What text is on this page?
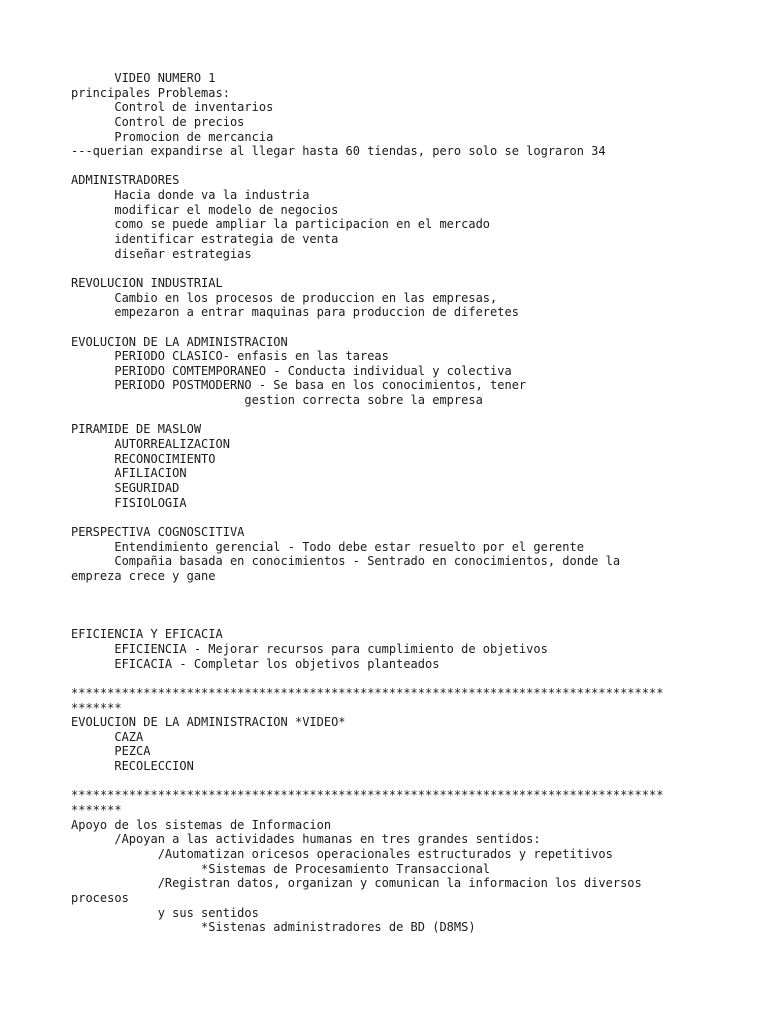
VIDEO NUMERO 1
principales Problemas:
Control de inventarios
Control de precios
Promocion de mercancia
---querian expandirse al llegar hasta 60 tiendas, pero solo se lograron 34
ADMINISTRADORES
Hacia donde va la industria
modificar el modelo de negocios
como se puede ampliar la participacion en el mercado
identificar estrategia de venta
diseñar estrategias
REVOLUCION INDUSTRIAL
Cambio en los procesos de produccion en las empresas,
empezaron a entrar maquinas para produccion de diferetes
EVOLUCION DE LA ADMINISTRACION
PERIODO CLASICO- enfasis en las tareas
PERIODO COMTEMPORANEO - Conducta individual y colectiva
PERIODO POSTMODERNO - Se basa en los conocimientos, tener
gestion correcta sobre la empresa
PIRAMIDE DE MASLOW
AUTORREALIZACION
RECONOCIMIENTO
AFILIACION
SEGURIDAD
FISIOLOGIA
PERSPECTIVA COGNOSCITIVA
Entendimiento gerencial - Todo debe estar resuelto por el gerente
Compañia basada en conocimientos - Sentrado en conocimientos, donde la
empreza crece y gane
EFICIENCIA Y EFICACIA
EFICIENCIA - Mejorar recursos para cumplimiento de objetivos
EFICACIA - Completar los objetivos planteados
**********************************************************************************
*******
EVOLUCION DE LA ADMINISTRACION *VIDEO*
CAZA
PEZCA
RECOLECCION
**********************************************************************************
*******
Apoyo de los sistemas de Informacion
/Apoyan a las actividades humanas en tres grandes sentidos:
/Automatizan oricesos operacionales estructurados y repetitivos
*Sistemas de Procesamiento Transaccional
/Registran datos, organizan y comunican la informacion los diversos
procesos
y sus sentidos
*Sistenas administradores de BD (D8MS)
